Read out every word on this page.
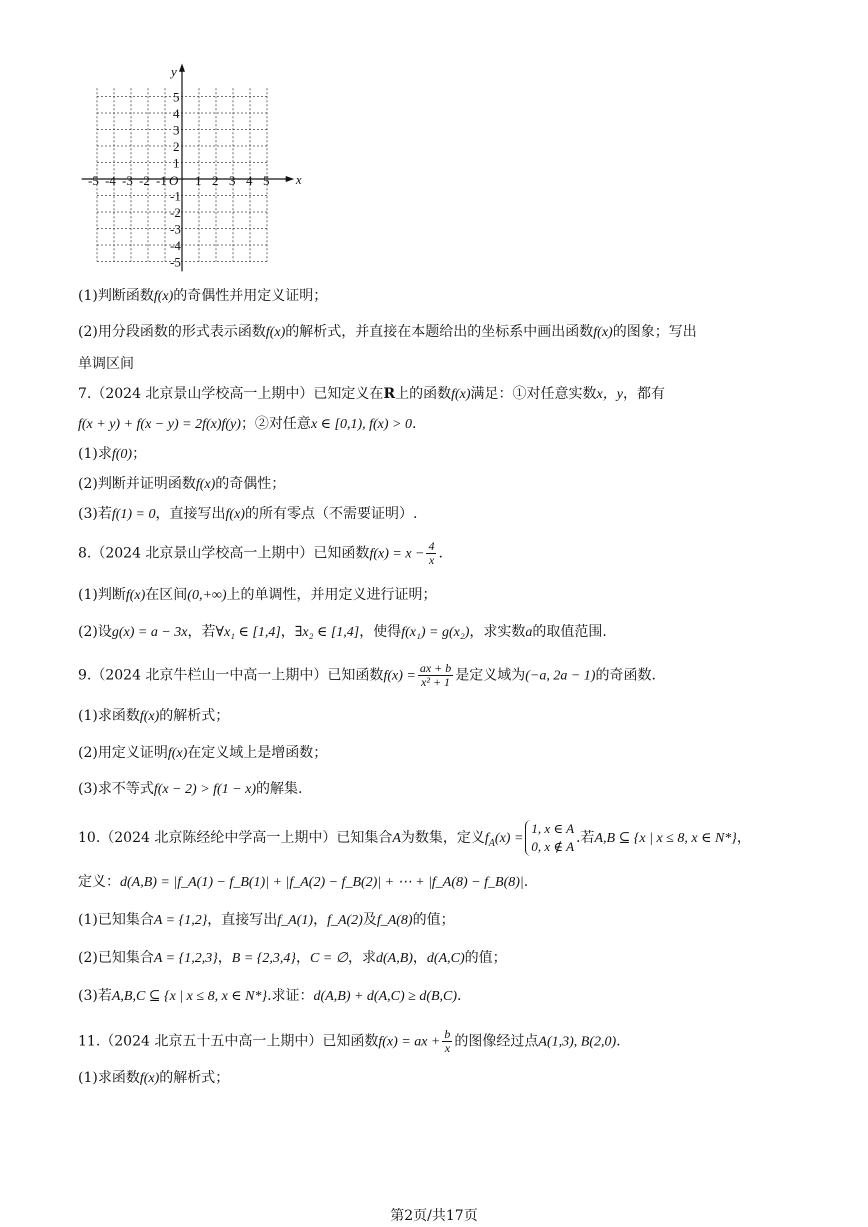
y
x
O
-5 -4 -3 -2 -1 1 2 3 4 5
5
4
3
2
1
-1
-2
-3
-4
-5
(1)判断函数f(x)的奇偶性并用定义证明；
(2)用分段函数的形式表示函数f(x)的解析式，并直接在本题给出的坐标系中画出函数f(x)的图象；写出
单调区间
7.（2024 北京景山学校高一上期中）已知定义在R上的函数f(x)满足：①对任意实数x，y，都有
f(x + y) + f(x − y) = 2f(x)f(y)；②对任意x ∈ [0,1), f(x) > 0.
(1)求f(0)；
(2)判断并证明函数f(x)的奇偶性；
(3)若f(1) = 0，直接写出f(x)的所有零点（不需要证明）.
8.（2024 北京景山学校高一上期中）已知函数$f(x) = x - \frac{4}{x}$ .
(1)判断f(x)在区间(0,+∞)上的单调性，并用定义进行证明；
(2)设g(x) = a − 3x，若∀x₁ ∈ [1,4]，∃x₂ ∈ [1,4]，使得f(x₁) = g(x₂)，求实数a的取值范围.
9.（2024 北京牛栏山一中高一上期中）已知函数$f(x) = \frac{ax + b}{\text{x² + 1}}$ 是定义域为(−a, 2a − 1)的奇函数.
(1)求函数f(x)的解析式；
(2)用定义证明f(x)在定义域上是增函数；
(3)求不等式f(x − 2) > f(1 − x)的解集.
10.（2024 北京陈经纶中学高一上期中）已知集合A为数集，定义$f_A(x)$ =
1, x ∈ A
0, x ∉ A
.若A,B ⊆ {x | x ≤ 8, x ∈ N*}，
定义：d(A,B) = |f_A(1) − f_B(1)| + |f_A(2) − f_B(2)| + ⋯ + |f_A(8) − f_B(8)|.
(1)已知集合A = {1,2}，直接写出f_A(1)，f_A(2)及f_A(8)的值；
(2)已知集合A = {1,2,3}，B = {2,3,4}，C = ∅，求d(A,B)，d(A,C)的值；
(3)若A,B,C ⊆ {x | x ≤ 8, x ∈ N*}.求证：d(A,B) + d(A,C) ≥ d(B,C).
11.（2024 北京五十五中高一上期中）已知函数f(x) = ax + $\frac{b}{x}$ 的图像经过点A(1,3), B(2,0).
(1)求函数f(x)的解析式；
第2页/共17页
